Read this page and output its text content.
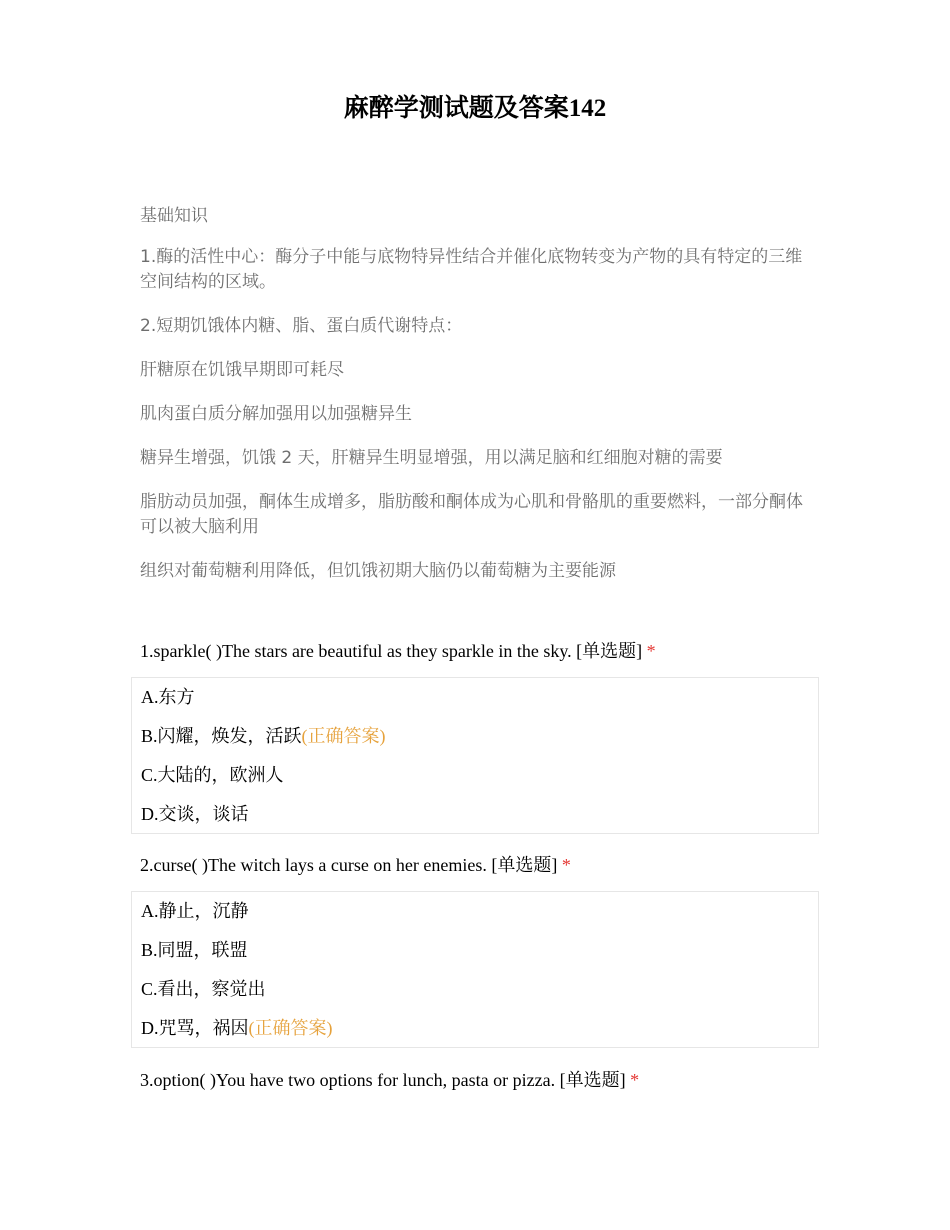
麻醉学测试题及答案142

基础知识

1.酶的活性中心：酶分子中能与底物特异性结合并催化底物转变为产物的具有特定的三维空间结构的区域。

2.短期饥饿体内糖、脂、蛋白质代谢特点：

肝糖原在饥饿早期即可耗尽

肌肉蛋白质分解加强用以加强糖异生

糖异生增强，饥饿 2 天，肝糖异生明显增强，用以满足脑和红细胞对糖的需要

脂肪动员加强，酮体生成增多，脂肪酸和酮体成为心肌和骨骼肌的重要燃料，一部分酮体可以被大脑利用

组织对葡萄糖利用降低，但饥饿初期大脑仍以葡萄糖为主要能源

1.sparkle( )The stars are beautiful as they sparkle in the sky. [单选题] *
A.东方
B.闪耀，焕发，活跃(正确答案)
C.大陆的，欧洲人
D.交谈，谈话
2.curse( )The witch lays a curse on her enemies. [单选题] *
A.静止，沉静
B.同盟，联盟
C.看出，察觉出
D.咒骂，祸因(正确答案)
3.option( )You have two options for lunch, pasta or pizza. [单选题] *
